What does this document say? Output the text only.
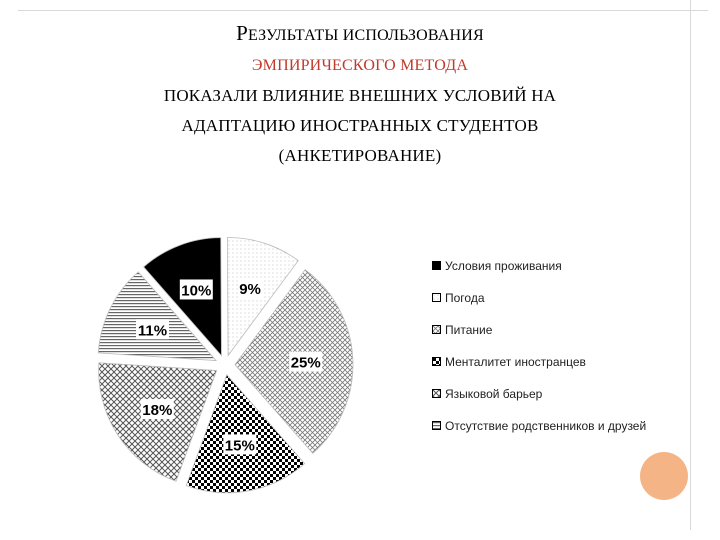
РЕЗУЛЬТАТЫ ИСПОЛЬЗОВАНИЯ
ЭМПИРИЧЕСКОГО МЕТОДА
ПОКАЗАЛИ ВЛИЯНИЕ ВНЕШНИХ УСЛОВИЙ НА
АДАПТАЦИЮ ИНОСТРАННЫХ СТУДЕНТОВ
(АНКЕТИРОВАНИЕ)
10% 9%
25%
15%
18%
11%
Условия проживания
Погода
Питание
Менталитет иностранцев
Языковой барьер
Отсутствие родственников и друзей
